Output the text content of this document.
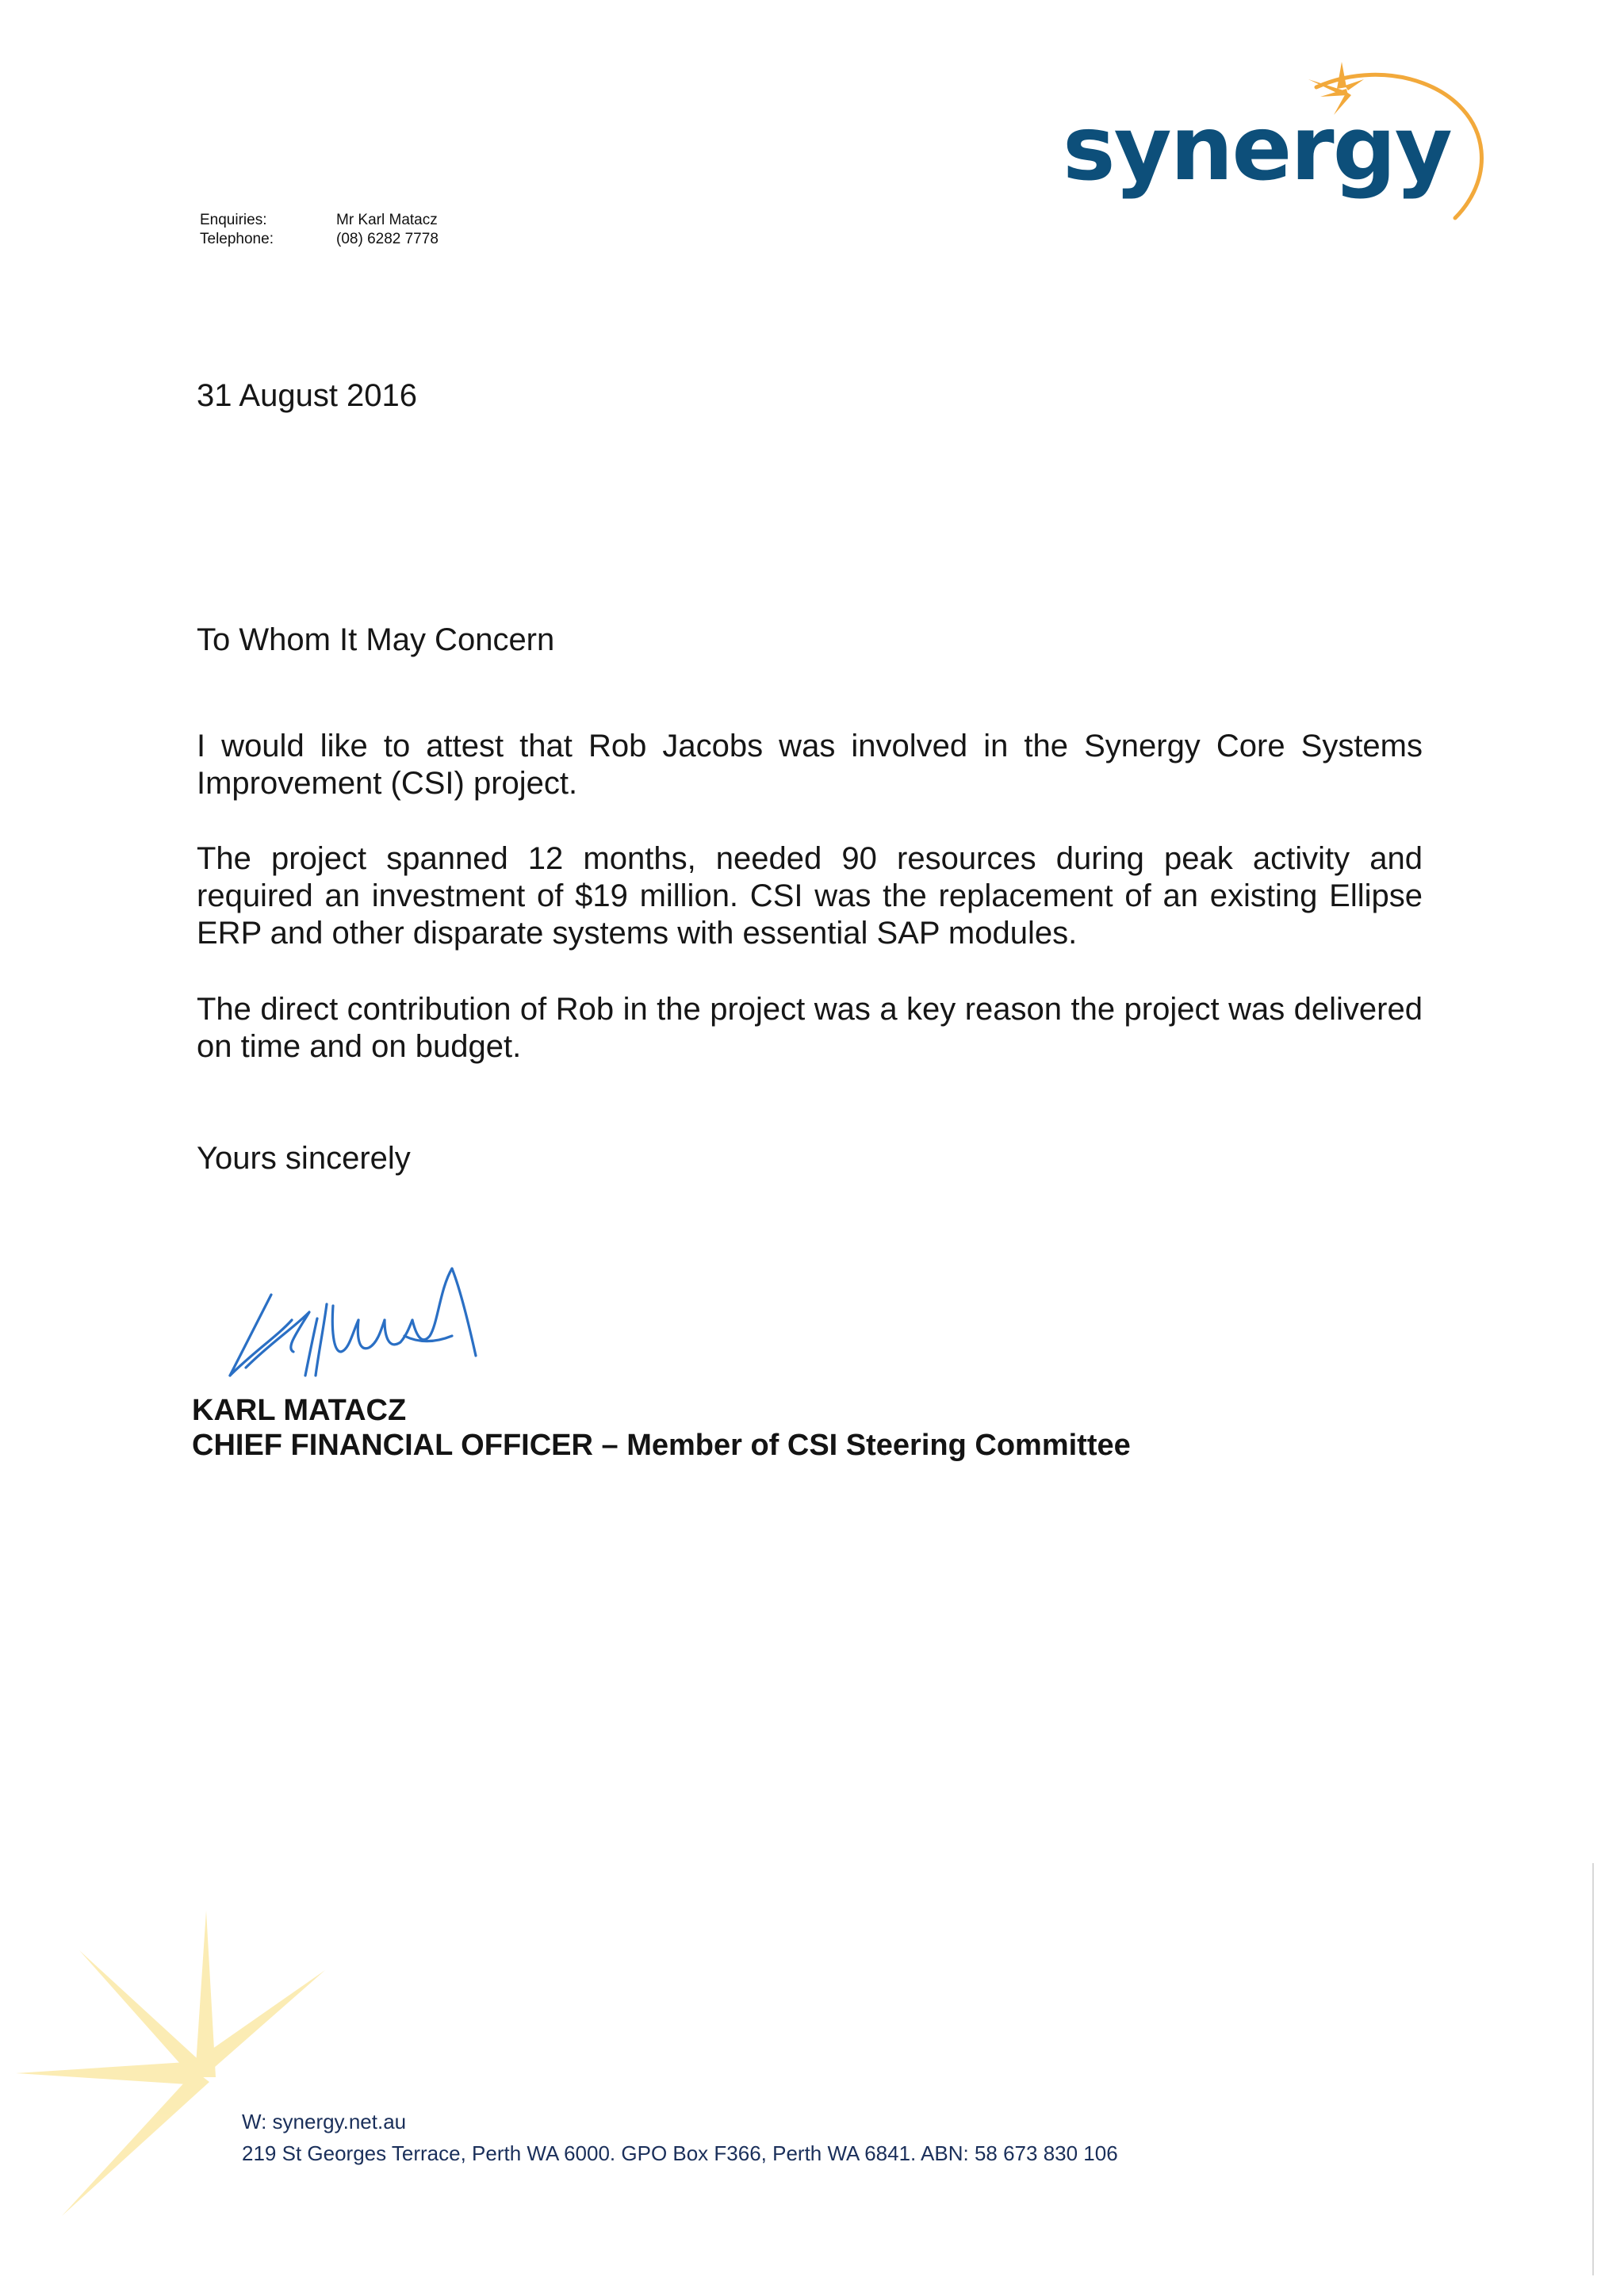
synergy
Enquiries:	Mr Karl Matacz
Telephone:	(08) 6282 7778
31 August 2016
To Whom It May Concern
I would like to attest that Rob Jacobs was involved in the Synergy Core Systems Improvement (CSI) project.
The project spanned 12 months, needed 90 resources during peak activity and required an investment of $19 million. CSI was the replacement of an existing Ellipse ERP and other disparate systems with essential SAP modules.
The direct contribution of Rob in the project was a key reason the project was delivered on time and on budget.
Yours sincerely
KARL MATACZ
CHIEF FINANCIAL OFFICER – Member of CSI Steering Committee
W: synergy.net.au
219 St Georges Terrace, Perth WA 6000. GPO Box F366, Perth WA 6841. ABN: 58 673 830 106
